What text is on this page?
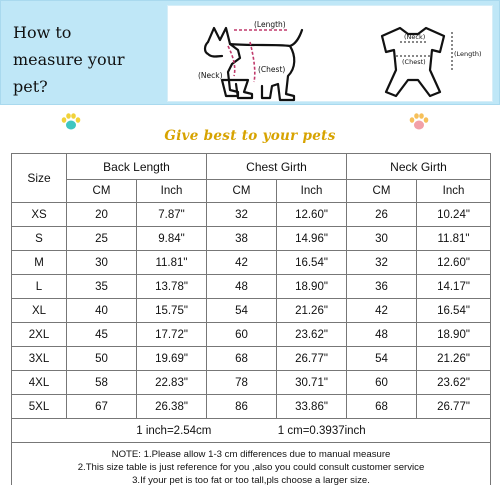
How to
measure your pet?
(Length)
(Neck)
(Chest)
(Neck)
(Chest)
(Length)
Give best to your pets
Size	Back Length		Chest Girth		Neck Girth	
	CM	Inch	CM	Inch	CM	Inch
XS	20	7.87"	32	12.60"	26	10.24"
S	25	9.84"	38	14.96"	30	11.81"
M	30	11.81"	42	16.54"	32	12.60"
L	35	13.78"	48	18.90"	36	14.17"
XL	40	15.75"	54	21.26"	42	16.54"
2XL	45	17.72"	60	23.62"	48	18.90"
3XL	50	19.69"	68	26.77"	54	21.26"
4XL	58	22.83"	78	30.71"	60	23.62"
5XL	67	26.38"	86	33.86"	68	26.77"
1 inch=2.54cm 1 cm=0.3937inch						

NOTE: 1.Please allow 1-3 cm differences due to manual measure
2.This size table is just reference for you ,also you could consult customer service
3.If your pet is too fat or too tall,pls choose a larger size.						
